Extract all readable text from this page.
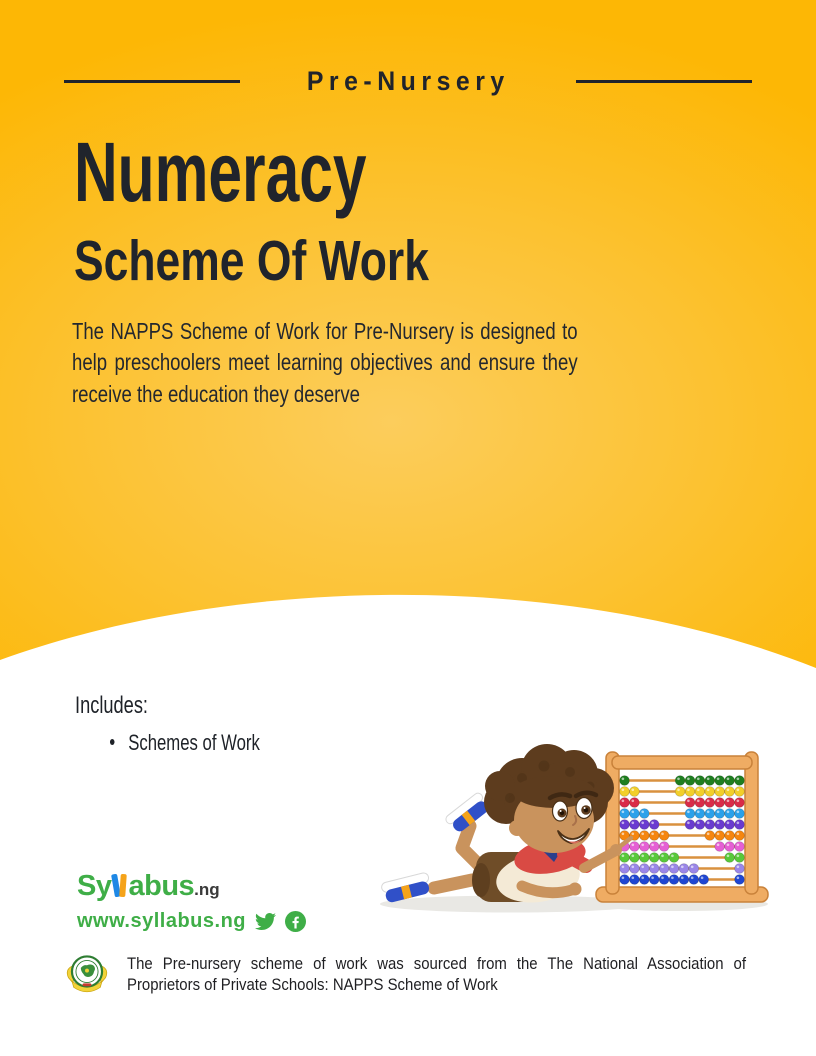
Pre-Nursery
Numeracy
Scheme Of Work

The NAPPS Scheme of Work for Pre-Nursery is designed to help preschoolers meet learning objectives and ensure they receive the education they deserve

Includes:
Schemes of Work
Sy abus.ng
www.syllabus.ng

The Pre-nursery scheme of work was sourced from the The National Association of Proprietors of Private Schools: NAPPS Scheme of Work
